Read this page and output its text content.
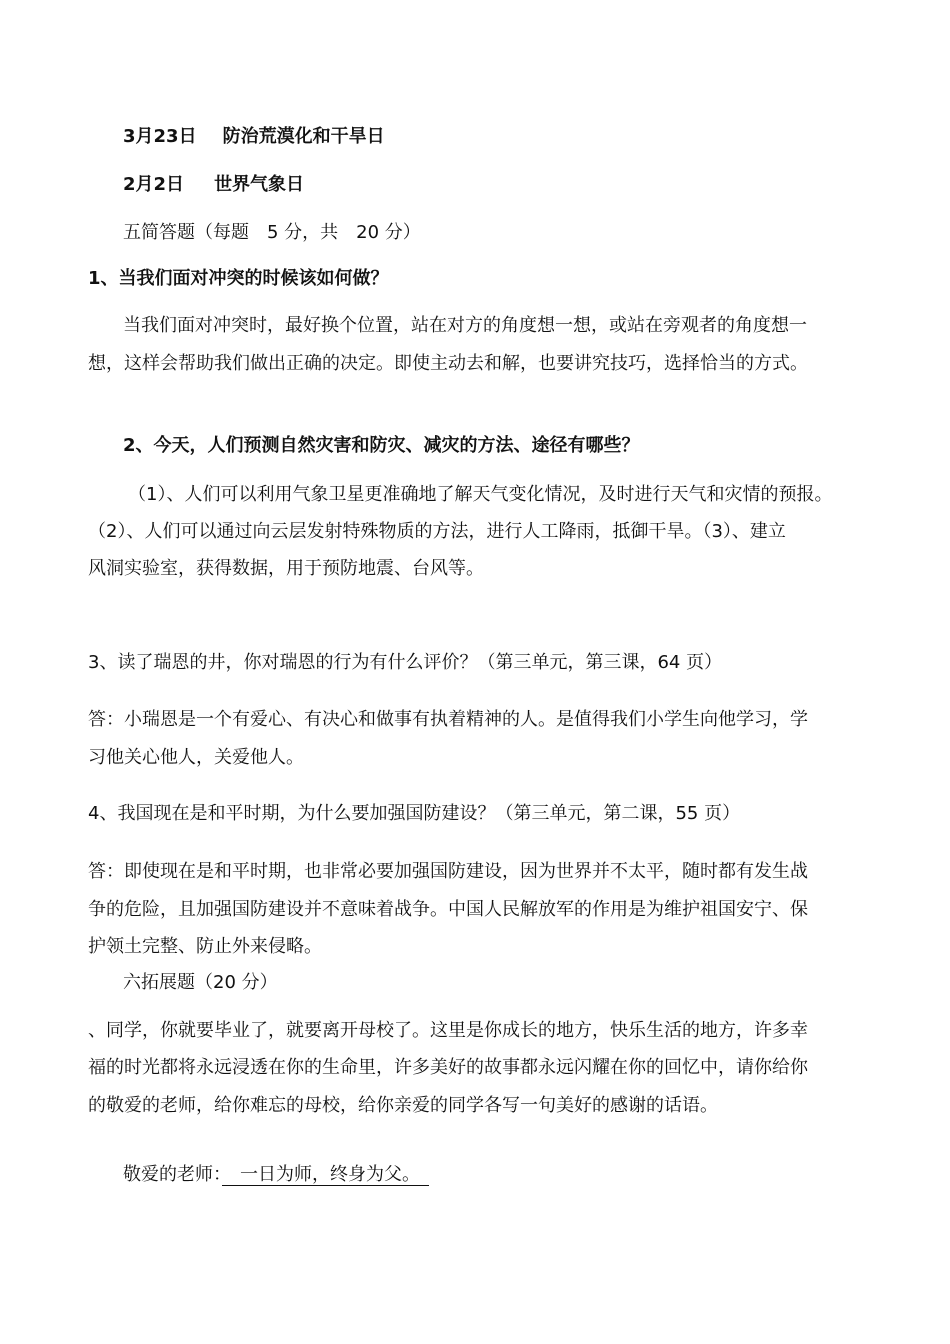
3月23日 防治荒漠化和干旱日
2月2日 世界气象日
五简答题（每题　5 分，共　20 分）
1、当我们面对冲突的时候该如何做？
当我们面对冲突时，最好换个位置，站在对方的角度想一想，或站在旁观者的角度想一
想，这样会帮助我们做出正确的决定。即使主动去和解，也要讲究技巧，选择恰当的方式。
2、今天，人们预测自然灾害和防灾、减灾的方法、途径有哪些？
（1）、人们可以利用气象卫星更准确地了解天气变化情况，及时进行天气和灾情的预报。
（2）、人们可以通过向云层发射特殊物质的方法，进行人工降雨，抵御干旱。（3）、建立
风洞实验室，获得数据，用于预防地震、台风等。
3、读了瑞恩的井，你对瑞恩的行为有什么评价？（第三单元，第三课，64 页）
答：小瑞恩是一个有爱心、有决心和做事有执着精神的人。是值得我们小学生向他学习，学
习他关心他人，关爱他人。
4、我国现在是和平时期，为什么要加强国防建设？（第三单元，第二课，55 页）
答：即使现在是和平时期，也非常必要加强国防建设，因为世界并不太平，随时都有发生战
争的危险，且加强国防建设并不意味着战争。中国人民解放军的作用是为维护祖国安宁、保
护领土完整、防止外来侵略。
六拓展题（20 分）
、同学，你就要毕业了，就要离开母校了。这里是你成长的地方，快乐生活的地方，许多幸
福的时光都将永远浸透在你的生命里，许多美好的故事都永远闪耀在你的回忆中，请你给你
的敬爱的老师，给你难忘的母校，给你亲爱的同学各写一句美好的感谢的话语。
敬爱的老师：　 一日为师，终身为父。　
